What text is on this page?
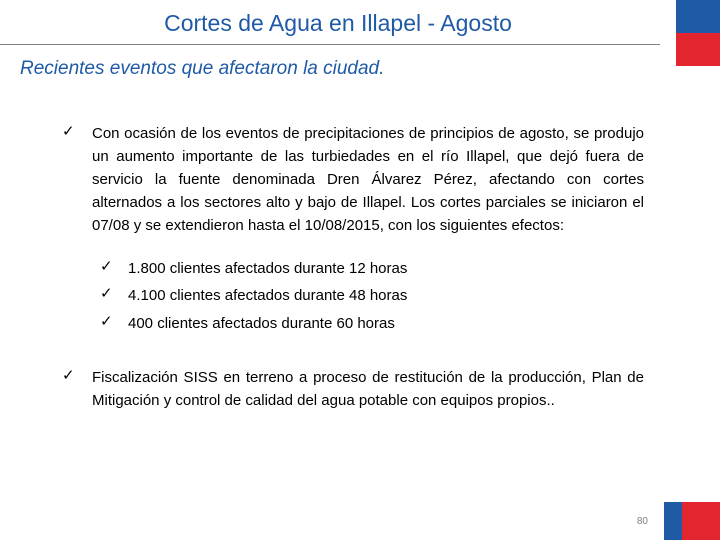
Cortes de Agua en Illapel - Agosto
Recientes eventos que afectaron la ciudad.
✓ Con ocasión de los eventos de precipitaciones de principios de agosto, se produjo un aumento importante de las turbiedades en el río Illapel, que dejó fuera de servicio la fuente denominada Dren Álvarez Pérez, afectando con cortes alternados a los sectores alto y bajo de Illapel. Los cortes parciales se iniciaron el 07/08 y se extendieron hasta el 10/08/2015, con los siguientes efectos:
✓ 1.800 clientes afectados durante 12 horas
✓ 4.100 clientes afectados durante 48 horas
✓ 400 clientes afectados durante 60 horas
✓ Fiscalización SISS en terreno a proceso de restitución de la producción, Plan de Mitigación y control de calidad del agua potable con equipos propios..
80
